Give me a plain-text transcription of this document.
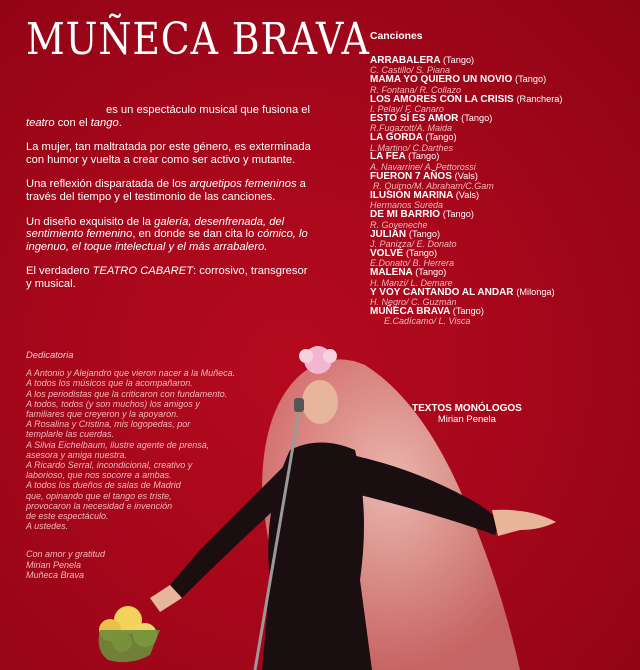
MUÑECA BRAVA

es un espectáculo musical que fusiona el teatro con el tango.

La mujer, tan maltratada por este género, es exterminada con humor y vuelta a crear como ser activo y mutante.

Una reflexión disparatada de los arquetipos femeninos a través del tiempo y el testimonio de las canciones.

Un diseño exquisito de la galería, desenfrenada, del sentimiento femenino, en donde se dan cita lo cómico, lo ingenuo, el toque intelectual y el más arrabalero.

El verdadero TEATRO CABARET: corrosivo, transgresor y musical.

Dedicatoria
A Antonio y Alejandro que vieron nacer a la Muñeca.
A todos los músicos que la acompañaron.
A los periodistas que la criticaron con fundamento.
A todos, todos (y son muchos) los amigos y
familiares que creyeron y la apoyaron.
A Rosalina y Cristina, mis logopedas, por
templarle las cuerdas.
A Silvia Eichelbaum, ilustre agente de prensa,
asesora y amiga nuestra.
A Ricardo Serral, incondicional, creativo y
laborioso, que nos socorre a ambas.
A todos los dueños de salas de Madrid
que, opinando que el tango es triste,
provocaron la necesidad e invención
de este espectáculo.
A ustedes.
Con amor y gratitud
Mirian Penela
Muñeca Brava
Canciones
ARRABALERA (Tango)
C. Castillo/ S. Piana
MAMA YO QUIERO UN NOVIO (Tango)
R. Fontana/ R. Collazo
LOS AMORES CON LA CRISIS (Ranchera)
I. Pelay/ F. Canaro
ESTO SÍ ES AMOR (Tango)
R.Fugazott/A. Maida
LA GORDA (Tango)
L.Martino/ C.Darthes
LA FEA (Tango)
A. Navarrine/ A. Pettorossi
FUERON 7 AÑOS (Vals)
R. Quirno/M. Abraham/C.Gam
ILUSIÓN MARINA (Vals)
Hermanos Sureda
DE MI BARRIO (Tango)
R. Goyeneche
JULIÁN (Tango)
J. Panizza/ E. Donato
VOLVÉ (Tango)
E.Donato/ B. Herrera
MALENA (Tango)
H. Manzi/ L. Demare
Y VOY CANTANDO AL ANDAR (Milonga)
H. Negro/ C. Guzmán
MUÑECA BRAVA (Tango)
E.Cadícamo/ L. Visca
TEXTOS MONÓLOGOS
Mirian Penela
